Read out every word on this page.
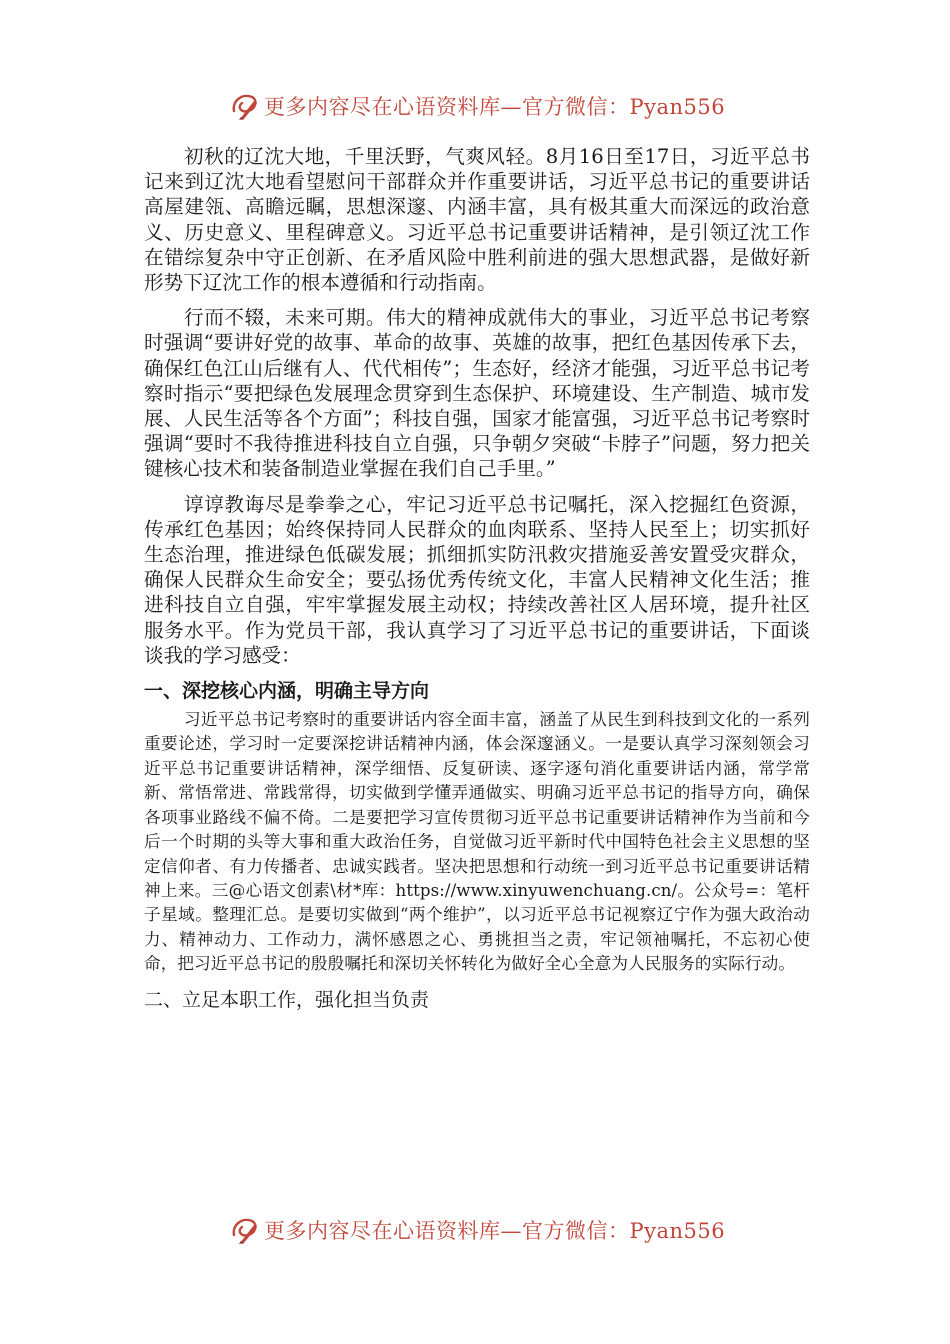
更多内容尽在心语资料库—官方微信：Pyan556

初秋的辽沈大地，千里沃野，气爽风轻。8月16日至17日，习近平总书记来到辽沈大地看望慰问干部群众并作重要讲话，习近平总书记的重要讲话高屋建瓴、高瞻远瞩，思想深邃、内涵丰富，具有极其重大而深远的政治意义、历史意义、里程碑意义。习近平总书记重要讲话精神，是引领辽沈工作在错综复杂中守正创新、在矛盾风险中胜利前进的强大思想武器，是做好新形势下辽沈工作的根本遵循和行动指南。

行而不辍，未来可期。伟大的精神成就伟大的事业，习近平总书记考察时强调“要讲好党的故事、革命的故事、英雄的故事，把红色基因传承下去，确保红色江山后继有人、代代相传”；生态好，经济才能强，习近平总书记考察时指示“要把绿色发展理念贯穿到生态保护、环境建设、生产制造、城市发展、人民生活等各个方面”；科技自强，国家才能富强，习近平总书记考察时强调“要时不我待推进科技自立自强，只争朝夕突破“卡脖子”问题，努力把关键核心技术和装备制造业掌握在我们自己手里。”

谆谆教诲尽是拳拳之心，牢记习近平总书记嘱托，深入挖掘红色资源，传承红色基因；始终保持同人民群众的血肉联系、坚持人民至上；切实抓好生态治理，推进绿色低碳发展；抓细抓实防汛救灾措施妥善安置受灾群众，确保人民群众生命安全；要弘扬优秀传统文化，丰富人民精神文化生活；推进科技自立自强，牢牢掌握发展主动权；持续改善社区人居环境，提升社区服务水平。作为党员干部，我认真学习了习近平总书记的重要讲话，下面谈谈我的学习感受：

一、深挖核心内涵，明确主导方向

习近平总书记考察时的重要讲话内容全面丰富，涵盖了从民生到科技到文化的一系列重要论述，学习时一定要深挖讲话精神内涵，体会深邃涵义。一是要认真学习深刻领会习近平总书记重要讲话精神，深学细悟、反复研读、逐字逐句消化重要讲话内涵，常学常新、常悟常进、常践常得，切实做到学懂弄通做实、明确习近平总书记的指导方向，确保各项事业路线不偏不倚。二是要把学习宣传贯彻习近平总书记重要讲话精神作为当前和今后一个时期的头等大事和重大政治任务，自觉做习近平新时代中国特色社会主义思想的坚定信仰者、有力传播者、忠诚实践者。坚决把思想和行动统一到习近平总书记重要讲话精神上来。三@心语文创素\材*库：https://www.xinyuwenchuang.cn/。公众号=：笔杆子星域。整理汇总。是要切实做到“两个维护”，以习近平总书记视察辽宁作为强大政治动力、精神动力、工作动力，满怀感恩之心、勇挑担当之责，牢记领袖嘱托，不忘初心使命，把习近平总书记的殷殷嘱托和深切关怀转化为做好全心全意为人民服务的实际行动。

二、立足本职工作，强化担当负责
更多内容尽在心语资料库—官方微信：Pyan556
